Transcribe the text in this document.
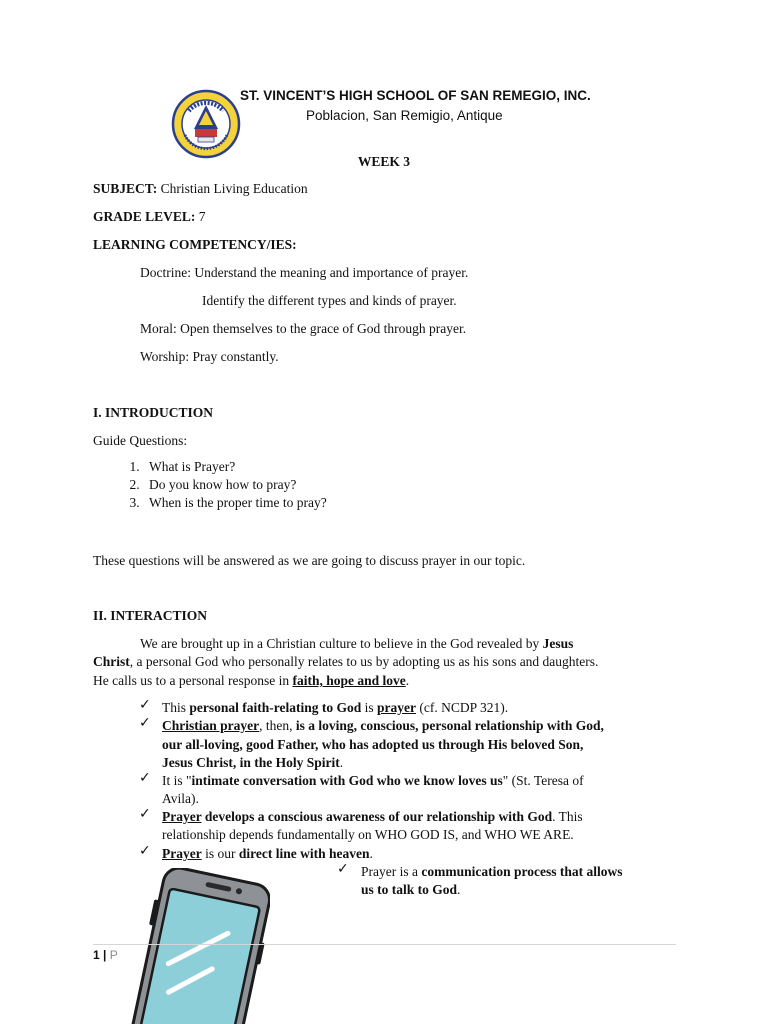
ST. VINCENT’S HIGH SCHOOL OF SAN REMEGIO, INC.
Poblacion, San Remigio, Antique
WEEK 3
SUBJECT: Christian Living Education
GRADE LEVEL: 7
LEARNING COMPETENCY/IES:
Doctrine: Understand the meaning and importance of prayer.
Identify the different types and kinds of prayer.
Moral: Open themselves to the grace of God through prayer.
Worship: Pray constantly.
I. INTRODUCTION
Guide Questions:
1. What is Prayer?
2. Do you know how to pray?
3. When is the proper time to pray?
These questions will be answered as we are going to discuss prayer in our topic.
II. INTERACTION
We are brought up in a Christian culture to believe in the God revealed by Jesus
Christ, a personal God who personally relates to us by adopting us as his sons and daughters.
He calls us to a personal response in faith, hope and love.
✓ This personal faith-relating to God is prayer (cf. NCDP 321).
✓ Christian prayer, then, is a loving, conscious, personal relationship with God,
our all-loving, good Father, who has adopted us through His beloved Son,
Jesus Christ, in the Holy Spirit.
✓ It is "intimate conversation with God who we know loves us" (St. Teresa of
Avila).
✓ Prayer develops a conscious awareness of our relationship with God. This
relationship depends fundamentally on WHO GOD IS, and WHO WE ARE.
✓ Prayer is our direct line with heaven.
✓ Prayer is a communication process that allows
us to talk to God.
1 | P
